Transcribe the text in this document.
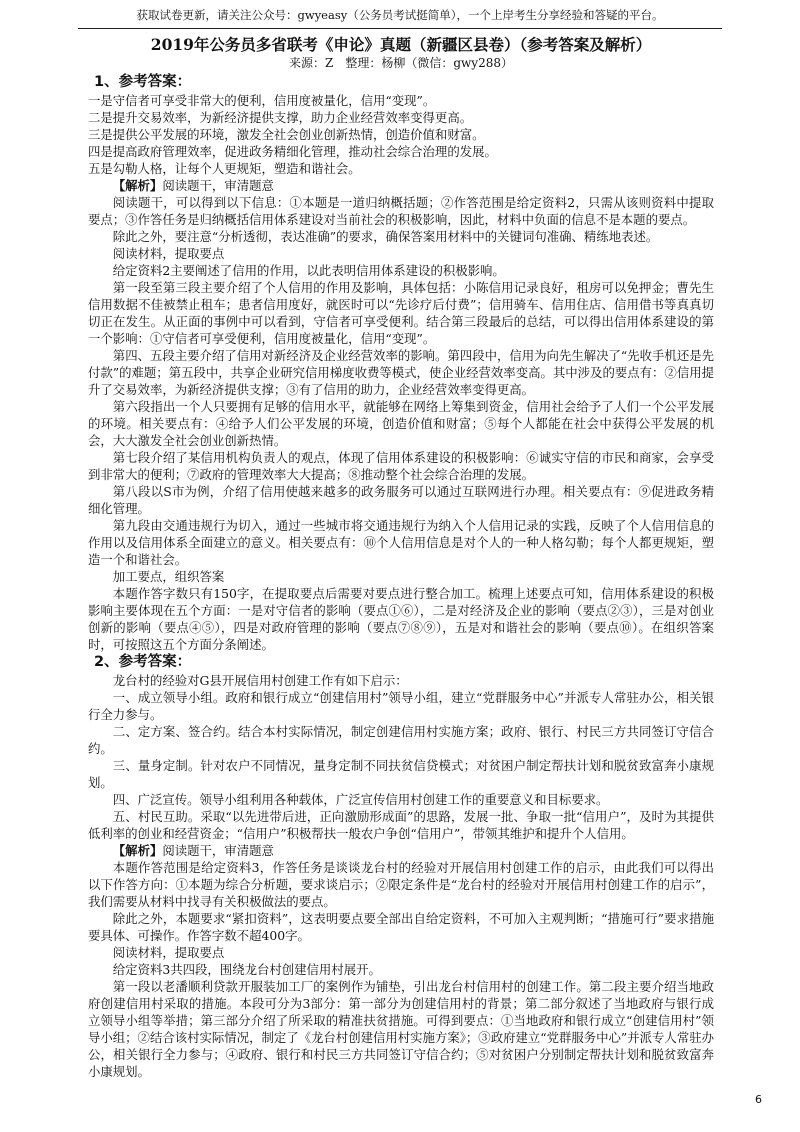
获取试卷更新，请关注公众号：gwyeasy（公务员考试挺简单），一个上岸考生分享经验和答疑的平台。
2019年公务员多省联考《申论》真题（新疆区县卷）（参考答案及解析）
来源：Z　整理：杨柳（微信：gwy288）
1、参考答案：

一是守信者可享受非常大的便利，信用度被量化，信用“变现”。

二是提升交易效率，为新经济提供支撑，助力企业经营效率变得更高。

三是提供公平发展的环境，激发全社会创业创新热情，创造价值和财富。

四是提高政府管理效率，促进政务精细化管理，推动社会综合治理的发展。

五是勾勒人格，让每个人更规矩，塑造和谐社会。

【解析】阅读题干，审清题意

阅读题干，可以得到以下信息：①本题是一道归纳概括题；②作答范围是给定资料2，只需从该则资料中提取要点；③作答任务是归纳概括信用体系建设对当前社会的积极影响，因此，材料中负面的信息不是本题的要点。

除此之外，要注意“分析透彻，表达准确”的要求，确保答案用材料中的关键词句准确、精练地表述。

阅读材料，提取要点

给定资料2主要阐述了信用的作用，以此表明信用体系建设的积极影响。

第一段至第三段主要介绍了个人信用的作用及影响，具体包括：小陈信用记录良好，租房可以免押金；曹先生信用数据不佳被禁止租车；患者信用度好，就医时可以“先诊疗后付费”；信用骑车、信用住店、信用借书等真真切切正在发生。从正面的事例中可以看到，守信者可享受便利。结合第三段最后的总结，可以得出信用体系建设的第一个影响：①守信者可享受便利，信用度被量化，信用“变现”。

第四、五段主要介绍了信用对新经济及企业经营效率的影响。第四段中，信用为向先生解决了“先收手机还是先付款”的难题；第五段中，共享企业研究信用梯度收费等模式，使企业经营效率变高。其中涉及的要点有：②信用提升了交易效率，为新经济提供支撑；③有了信用的助力，企业经营效率变得更高。

第六段指出一个人只要拥有足够的信用水平，就能够在网络上筹集到资金，信用社会给予了人们一个公平发展的环境。相关要点有：④给予人们公平发展的环境，创造价值和财富；⑤每个人都能在社会中获得公平发展的机会，大大激发全社会创业创新热情。

第七段介绍了某信用机构负责人的观点，体现了信用体系建设的积极影响：⑥诚实守信的市民和商家，会享受到非常大的便利；⑦政府的管理效率大大提高；⑧推动整个社会综合治理的发展。

第八段以S市为例，介绍了信用使越来越多的政务服务可以通过互联网进行办理。相关要点有：⑨促进政务精细化管理。

第九段由交通违规行为切入，通过一些城市将交通违规行为纳入个人信用记录的实践，反映了个人信用信息的作用以及信用体系全面建立的意义。相关要点有：⑩个人信用信息是对个人的一种人格勾勒；每个人都更规矩，塑造一个和谐社会。

加工要点，组织答案

本题作答字数只有150字，在提取要点后需要对要点进行整合加工。梳理上述要点可知，信用体系建设的积极影响主要体现在五个方面：一是对守信者的影响（要点①⑥），二是对经济及企业的影响（要点②③），三是对创业创新的影响（要点④⑤），四是对政府管理的影响（要点⑦⑧⑨），五是对和谐社会的影响（要点⑩）。在组织答案时，可按照这五个方面分条阐述。

2、参考答案：

龙台村的经验对G县开展信用村创建工作有如下启示：

一、成立领导小组。政府和银行成立“创建信用村”领导小组，建立“党群服务中心”并派专人常驻办公，相关银行全力参与。

二、定方案、签合约。结合本村实际情况，制定创建信用村实施方案；政府、银行、村民三方共同签订守信合约。

三、量身定制。针对农户不同情况，量身定制不同扶贫信贷模式；对贫困户制定帮扶计划和脱贫致富奔小康规划。

四、广泛宣传。领导小组利用各种载体，广泛宣传信用村创建工作的重要意义和目标要求。

五、村民互助。采取“以先进带后进，正向激励形成面”的思路，发展一批、争取一批“信用户”，及时为其提供低利率的创业和经营资金；“信用户”积极帮扶一般农户争创“信用户”，带领其维护和提升个人信用。

【解析】阅读题干，审清题意

本题作答范围是给定资料3，作答任务是谈谈龙台村的经验对开展信用村创建工作的启示，由此我们可以得出以下作答方向：①本题为综合分析题，要求谈启示；②限定条件是“龙台村的经验对开展信用村创建工作的启示”，我们需要从材料中找寻有关积极做法的要点。

除此之外，本题要求“紧扣资料”，这表明要点要全部出自给定资料，不可加入主观判断；“措施可行”要求措施要具体、可操作。作答字数不超400字。

阅读材料，提取要点

给定资料3共四段，围绕龙台村创建信用村展开。

第一段以老潘顺利贷款开服装加工厂的案例作为铺垫，引出龙台村信用村的创建工作。第二段主要介绍当地政府创建信用村采取的措施。本段可分为3部分：第一部分为创建信用村的背景；第二部分叙述了当地政府与银行成立领导小组等举措；第三部分介绍了所采取的精准扶贫措施。可得到要点：①当地政府和银行成立“创建信用村”领导小组；②结合该村实际情况，制定了《龙台村创建信用村实施方案》；③政府建立“党群服务中心”并派专人常驻办公，相关银行全力参与；④政府、银行和村民三方共同签订守信合约；⑤对贫困户分别制定帮扶计划和脱贫致富奔小康规划。

6
